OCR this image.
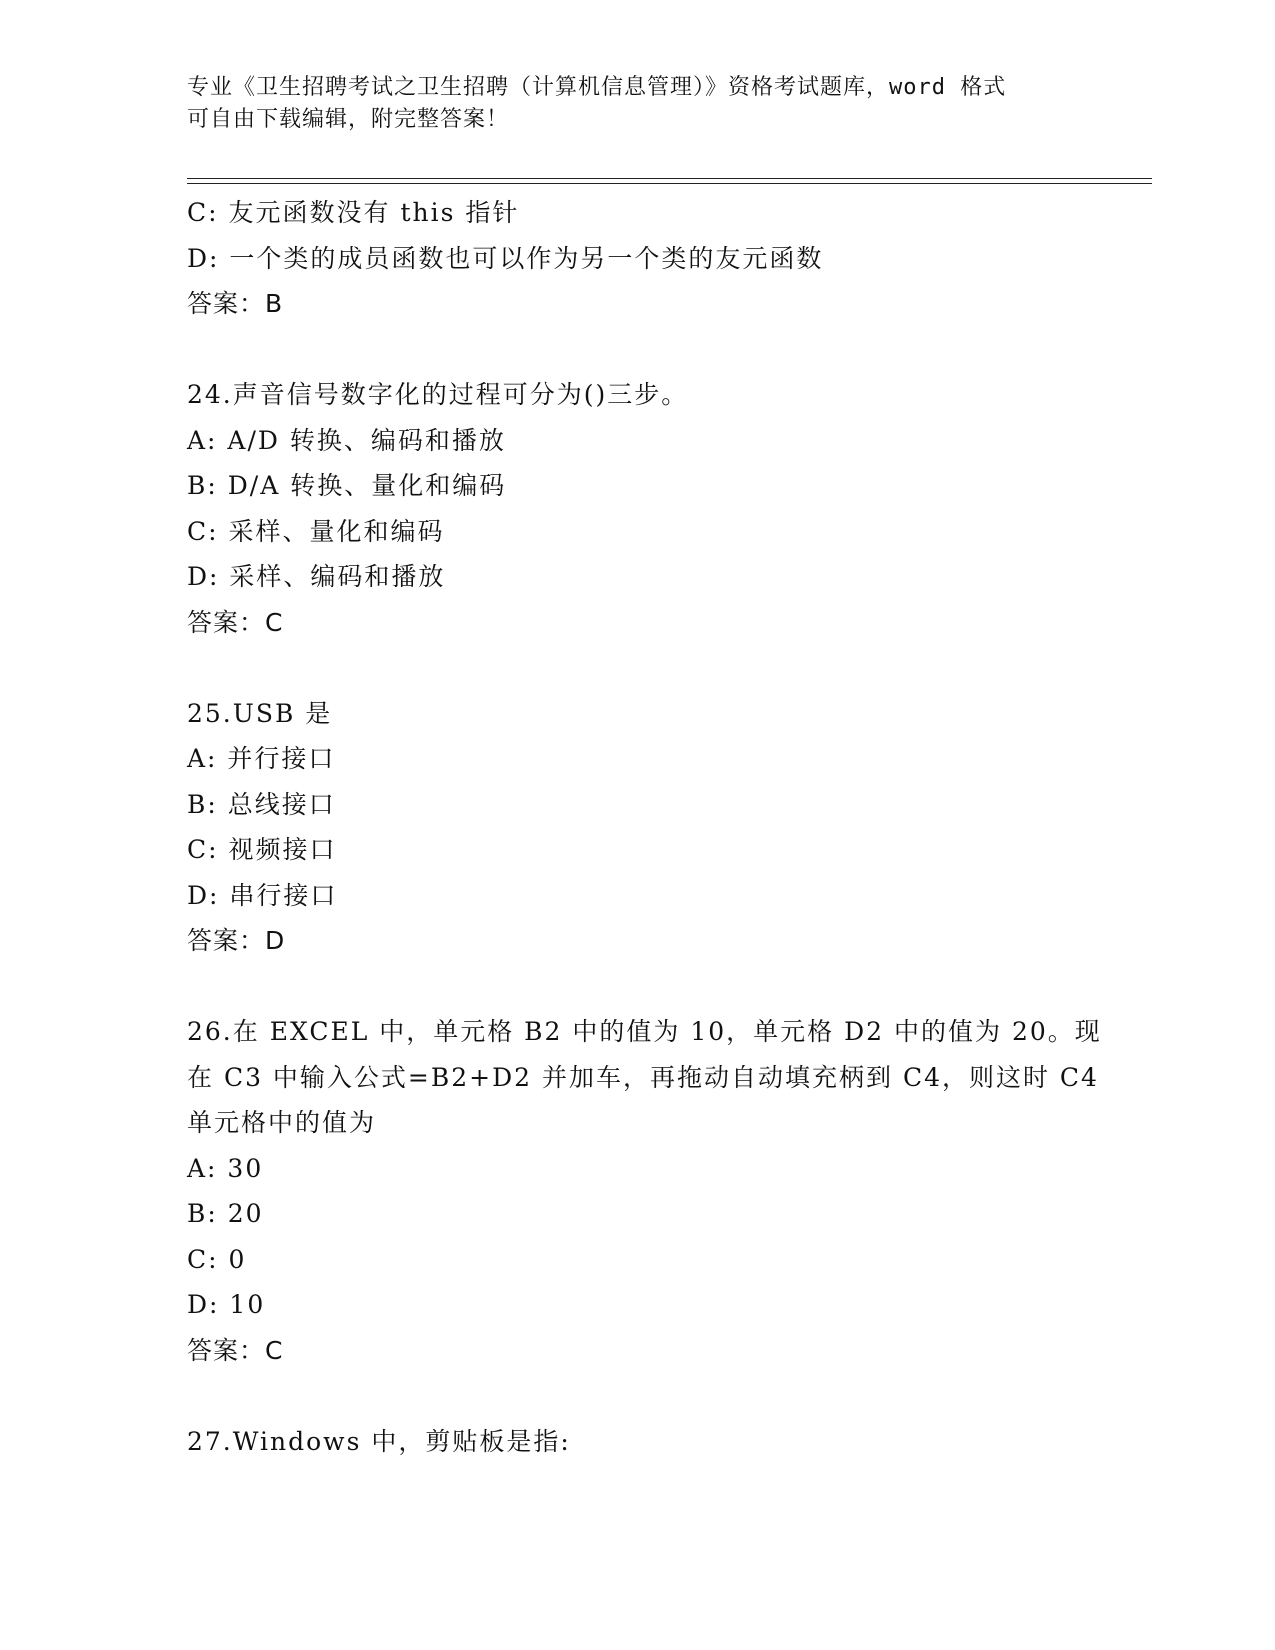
专业《卫生招聘考试之卫生招聘（计算机信息管理）》资格考试题库，word 格式
可自由下载编辑，附完整答案！
C: 友元函数没有 this 指针
D: 一个类的成员函数也可以作为另一个类的友元函数
答案：B
24.声音信号数字化的过程可分为()三步。
A: A/D 转换、编码和播放
B: D/A 转换、量化和编码
C: 采样、量化和编码
D: 采样、编码和播放
答案：C
25.USB 是
A: 并行接口
B: 总线接口
C: 视频接口
D: 串行接口
答案：D
26.在 EXCEL 中，单元格 B2 中的值为 10，单元格 D2 中的值为 20。现
在 C3 中输入公式=B2+D2 并加车，再拖动自动填充柄到 C4，则这时 C4
单元格中的值为
A: 30
B: 20
C: 0
D: 10
答案：C
27.Windows 中，剪贴板是指:
